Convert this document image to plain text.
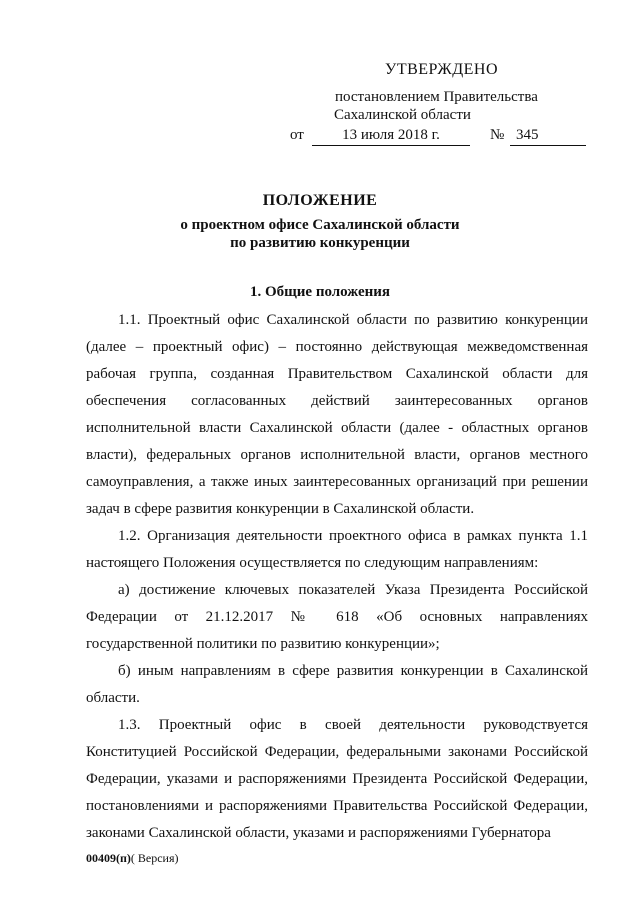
УТВЕРЖДЕНО
постановлением Правительства
Сахалинской области
от	13 июля 2018 г.	№ 345
ПОЛОЖЕНИЕ
о проектном офисе Сахалинской области
по развитию конкуренции
1. Общие положения

1.1. Проектный офис Сахалинской области по развитию конкуренции (далее – проектный офис) – постоянно действующая межведомственная рабочая группа, созданная Правительством Сахалинской области для обеспечения согласованных действий заинтересованных органов исполнительной власти Сахалинской области (далее - областных органов власти), федеральных органов исполнительной власти, органов местного самоуправления, а также иных заинтересованных организаций при решении задач в сфере развития конкуренции в Сахалинской области.

1.2. Организация деятельности проектного офиса в рамках пункта 1.1 настоящего Положения осуществляется по следующим направлениям:

а) достижение ключевых показателей Указа Президента Российской Федерации от 21.12.2017 № 618 «Об основных направлениях государственной политики по развитию конкуренции»;

б) иным направлениям в сфере развития конкуренции в Сахалинской области.

1.3. Проектный офис в своей деятельности руководствуется Конституцией Российской Федерации, федеральными законами Российской Федерации, указами и распоряжениями Президента Российской Федерации, постановлениями и распоряжениями Правительства Российской Федерации, законами Сахалинской области, указами и распоряжениями Губернатора

00409(п)( Версия)
